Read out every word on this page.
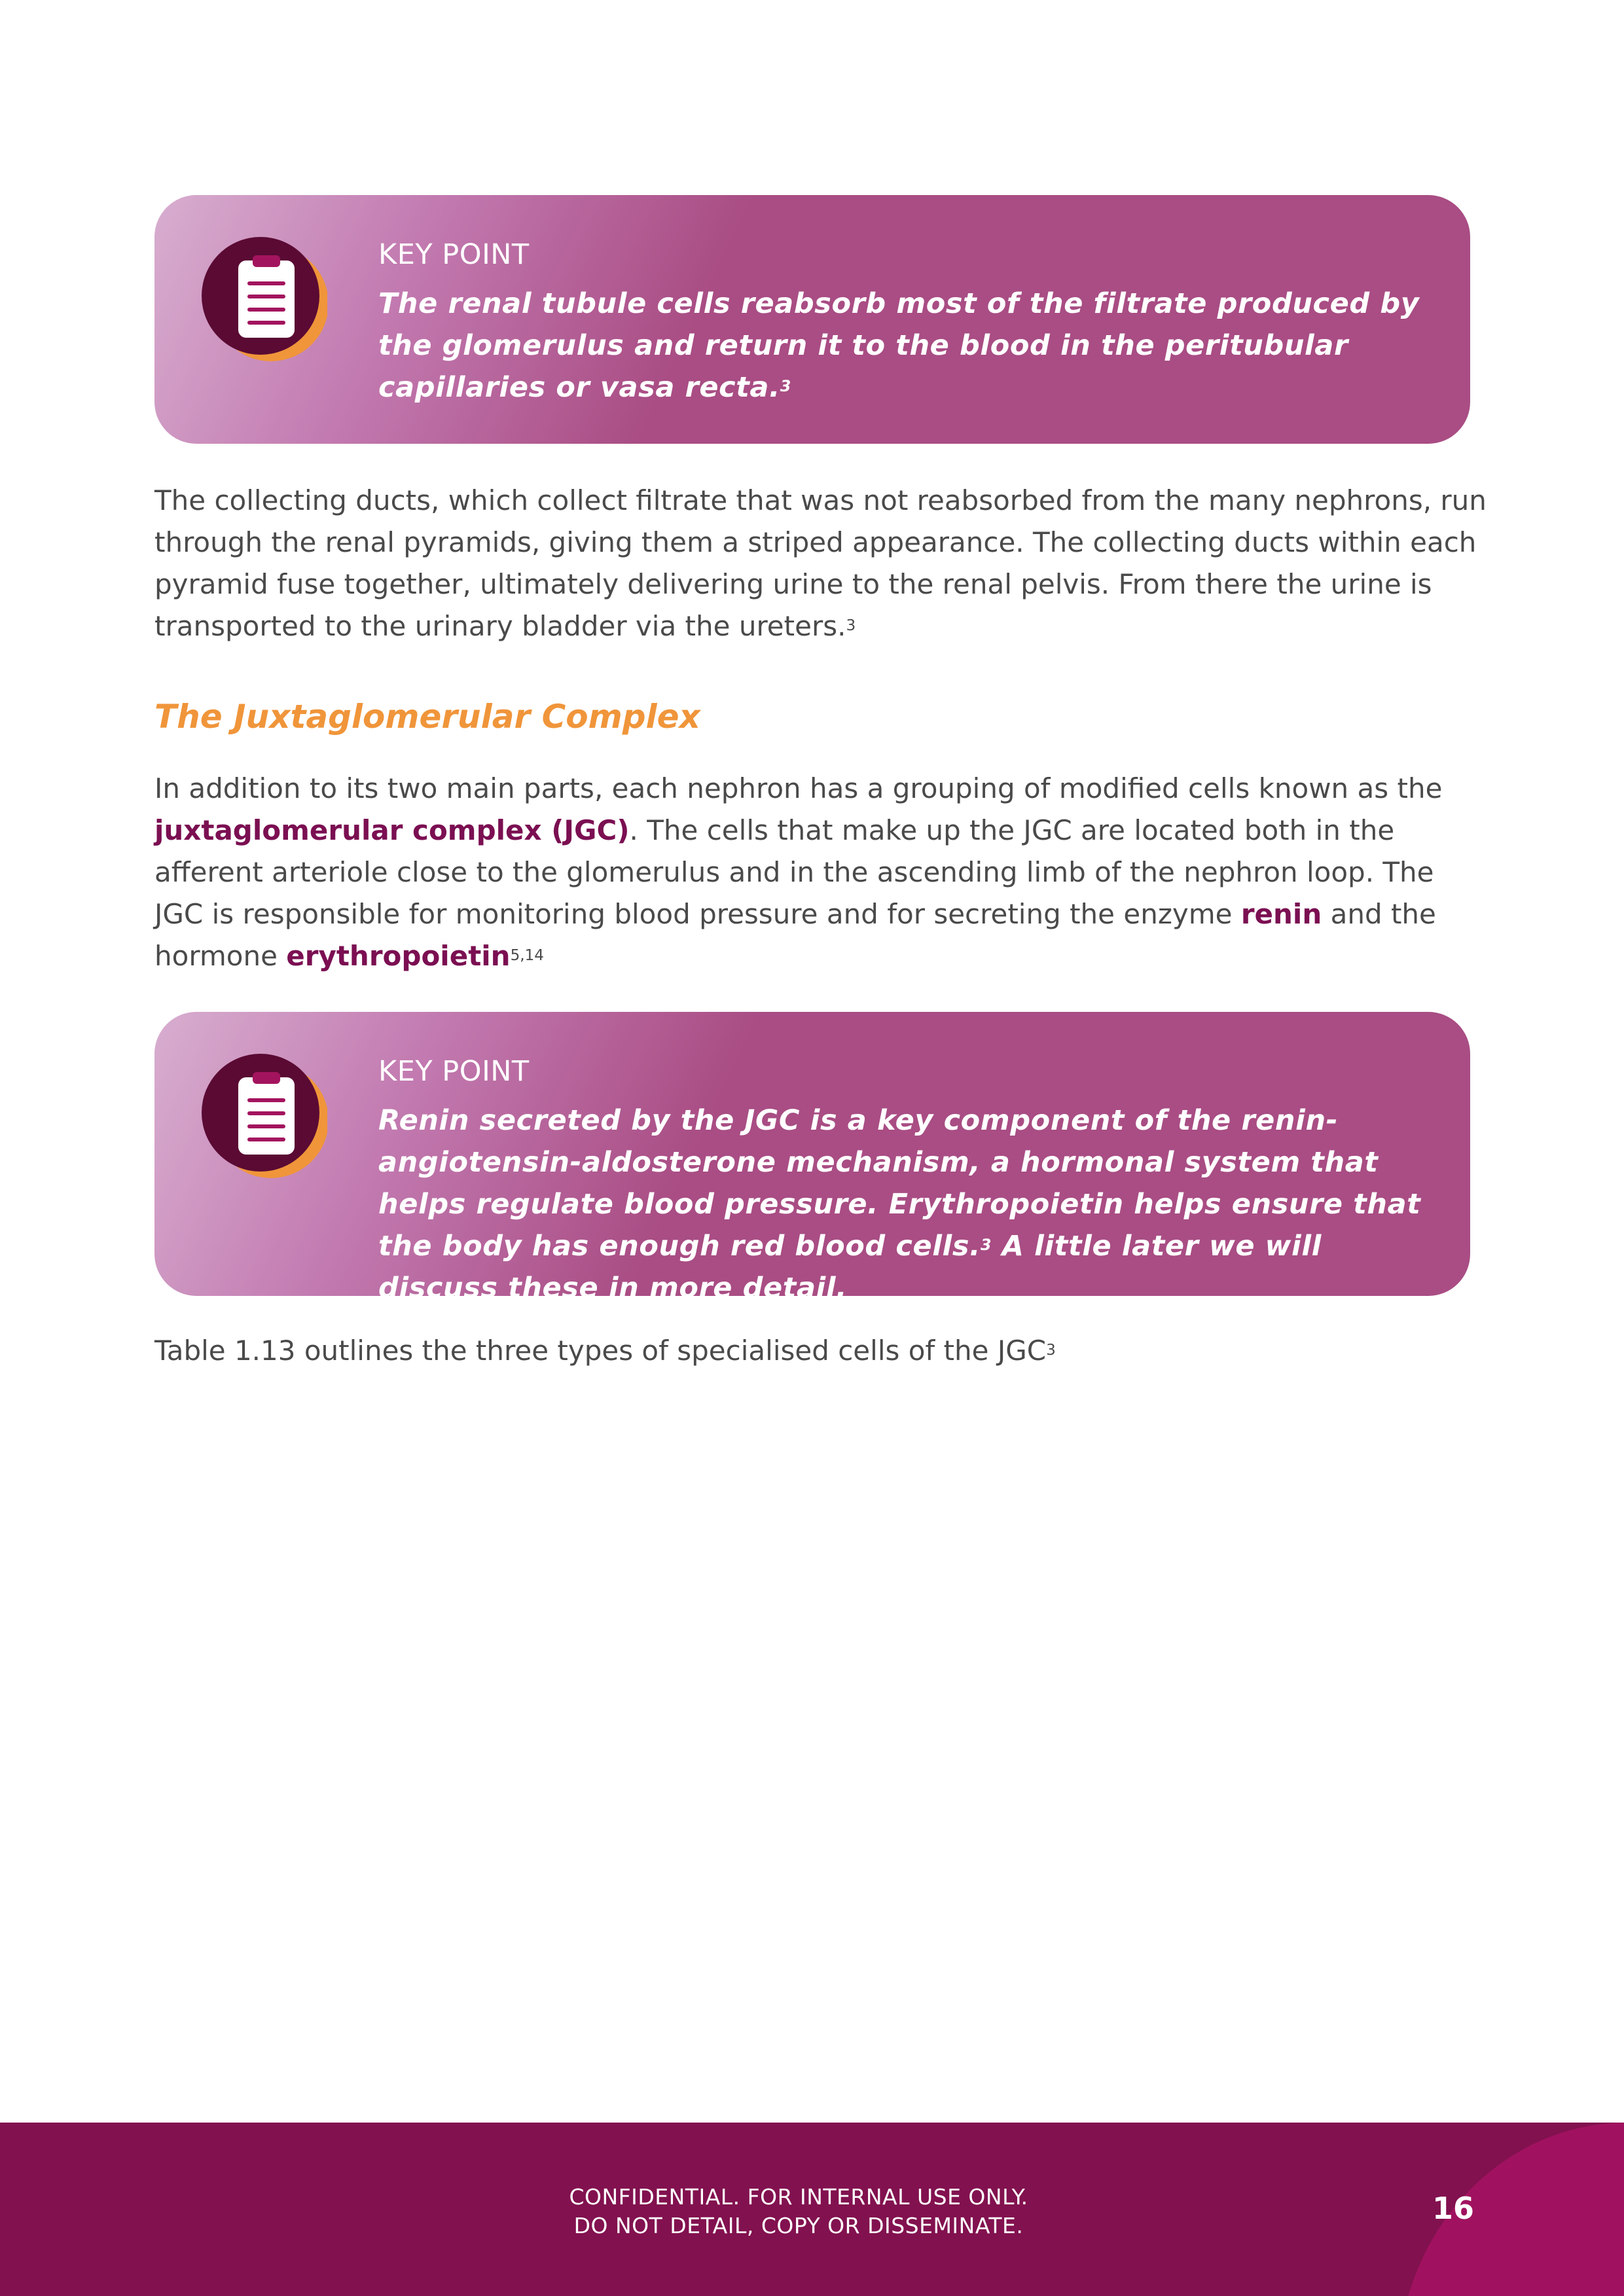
KEY POINT
The renal tubule cells reabsorb most of the filtrate produced by the glomerulus and return it to the blood in the peritubular capillaries or vasa recta.$^3$

The collecting ducts, which collect filtrate that was not reabsorbed from the many nephrons, run through the renal pyramids, giving them a striped appearance. The collecting ducts within each pyramid fuse together, ultimately delivering urine to the renal pelvis. From there the urine is transported to the urinary bladder via the ureters.$^3$

The Juxtaglomerular Complex

In addition to its two main parts, each nephron has a grouping of modified cells known as the juxtaglomerular complex (JGC). The cells that make up the JGC are located both in the afferent arteriole close to the glomerulus and in the ascending limb of the nephron loop. The JGC is responsible for monitoring blood pressure and for secreting the enzyme renin and the hormone erythropoietin$^{5,14}$

KEY POINT
Renin secreted by the JGC is a key component of the renin-angiotensin-aldosterone mechanism, a hormonal system that helps regulate blood pressure. Erythropoietin helps ensure that the body has enough red blood cells.$^3$ A little later we will discuss these in more detail.

Table 1.13 outlines the three types of specialised cells of the JGC$^3$

CONFIDENTIAL. FOR INTERNAL USE ONLY.
DO NOT DETAIL, COPY OR DISSEMINATE.	16
